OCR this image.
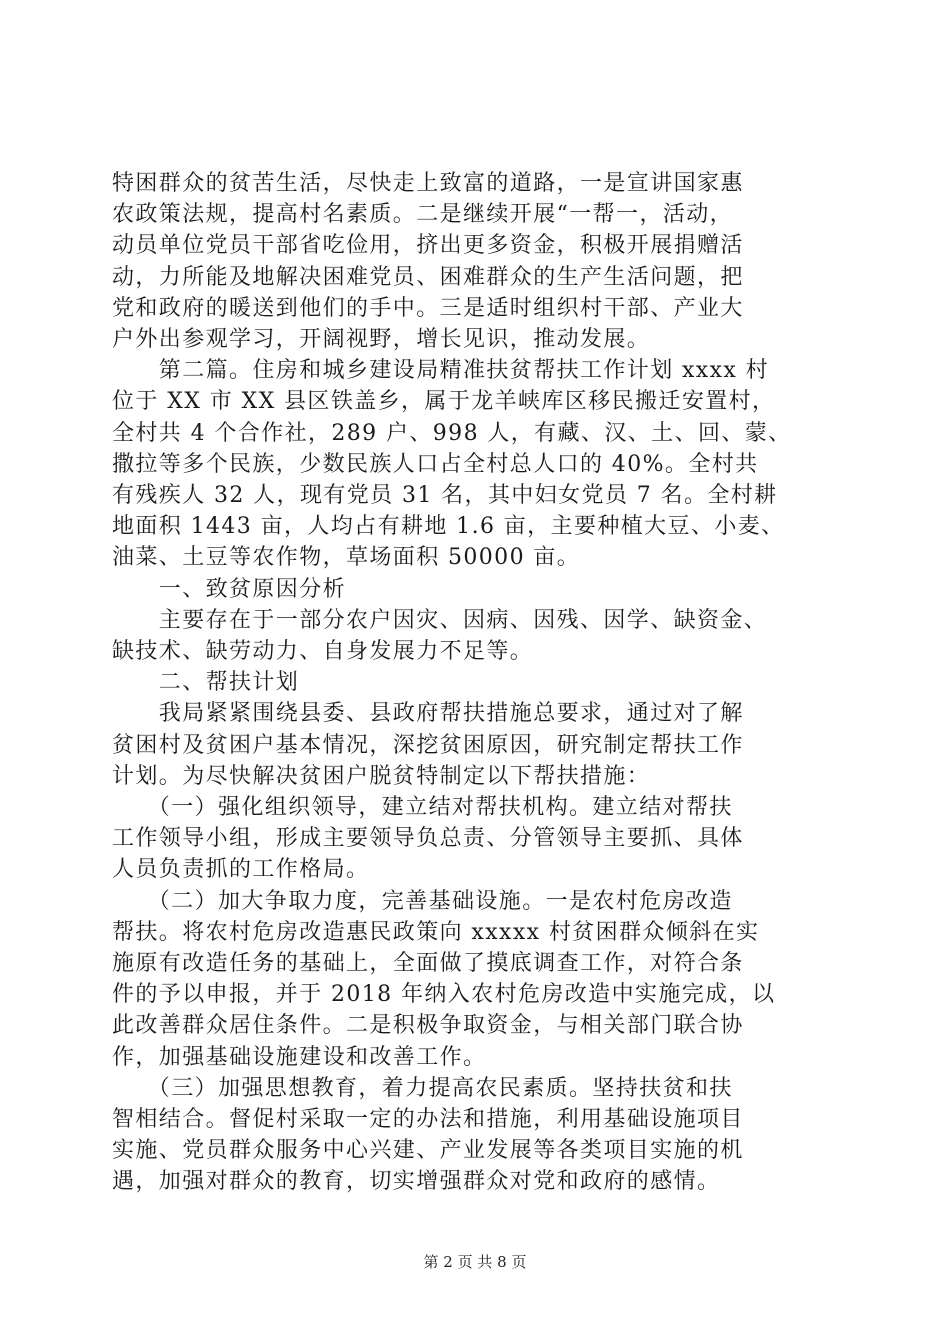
特困群众的贫苦生活，尽快走上致富的道路，一是宣讲国家惠
农政策法规，提高村名素质。二是继续开展“一帮一，活动，
动员单位党员干部省吃俭用，挤出更多资金，积极开展捐赠活
动，力所能及地解决困难党员、困难群众的生产生活问题，把
党和政府的暖送到他们的手中。三是适时组织村干部、产业大
户外出参观学习，开阔视野，增长见识，推动发展。
　　第二篇。住房和城乡建设局精准扶贫帮扶工作计划 xxxx 村
位于 XX 市 XX 县区铁盖乡，属于龙羊峡库区移民搬迁安置村，
全村共 4 个合作社，289 户、998 人，有藏、汉、土、回、蒙、
撒拉等多个民族，少数民族人口占全村总人口的 40%。全村共
有残疾人 32 人，现有党员 31 名，其中妇女党员 7 名。全村耕
地面积 1443 亩，人均占有耕地 1.6 亩，主要种植大豆、小麦、
油菜、土豆等农作物，草场面积 50000 亩。
　　一、致贫原因分析
　　主要存在于一部分农户因灾、因病、因残、因学、缺资金、
缺技术、缺劳动力、自身发展力不足等。
　　二、帮扶计划
　　我局紧紧围绕县委、县政府帮扶措施总要求，通过对了解
贫困村及贫困户基本情况，深挖贫困原因，研究制定帮扶工作
计划。为尽快解决贫困户脱贫特制定以下帮扶措施：
　　（一）强化组织领导，建立结对帮扶机构。建立结对帮扶
工作领导小组，形成主要领导负总责、分管领导主要抓、具体
人员负责抓的工作格局。
　　（二）加大争取力度，完善基础设施。一是农村危房改造
帮扶。将农村危房改造惠民政策向 xxxxx 村贫困群众倾斜在实
施原有改造任务的基础上，全面做了摸底调查工作，对符合条
件的予以申报，并于 2018 年纳入农村危房改造中实施完成，以
此改善群众居住条件。二是积极争取资金，与相关部门联合协
作，加强基础设施建设和改善工作。
　　（三）加强思想教育，着力提高农民素质。坚持扶贫和扶
智相结合。督促村采取一定的办法和措施，利用基础设施项目
实施、党员群众服务中心兴建、产业发展等各类项目实施的机
遇，加强对群众的教育，切实增强群众对党和政府的感情。
第 2 页 共 8 页
